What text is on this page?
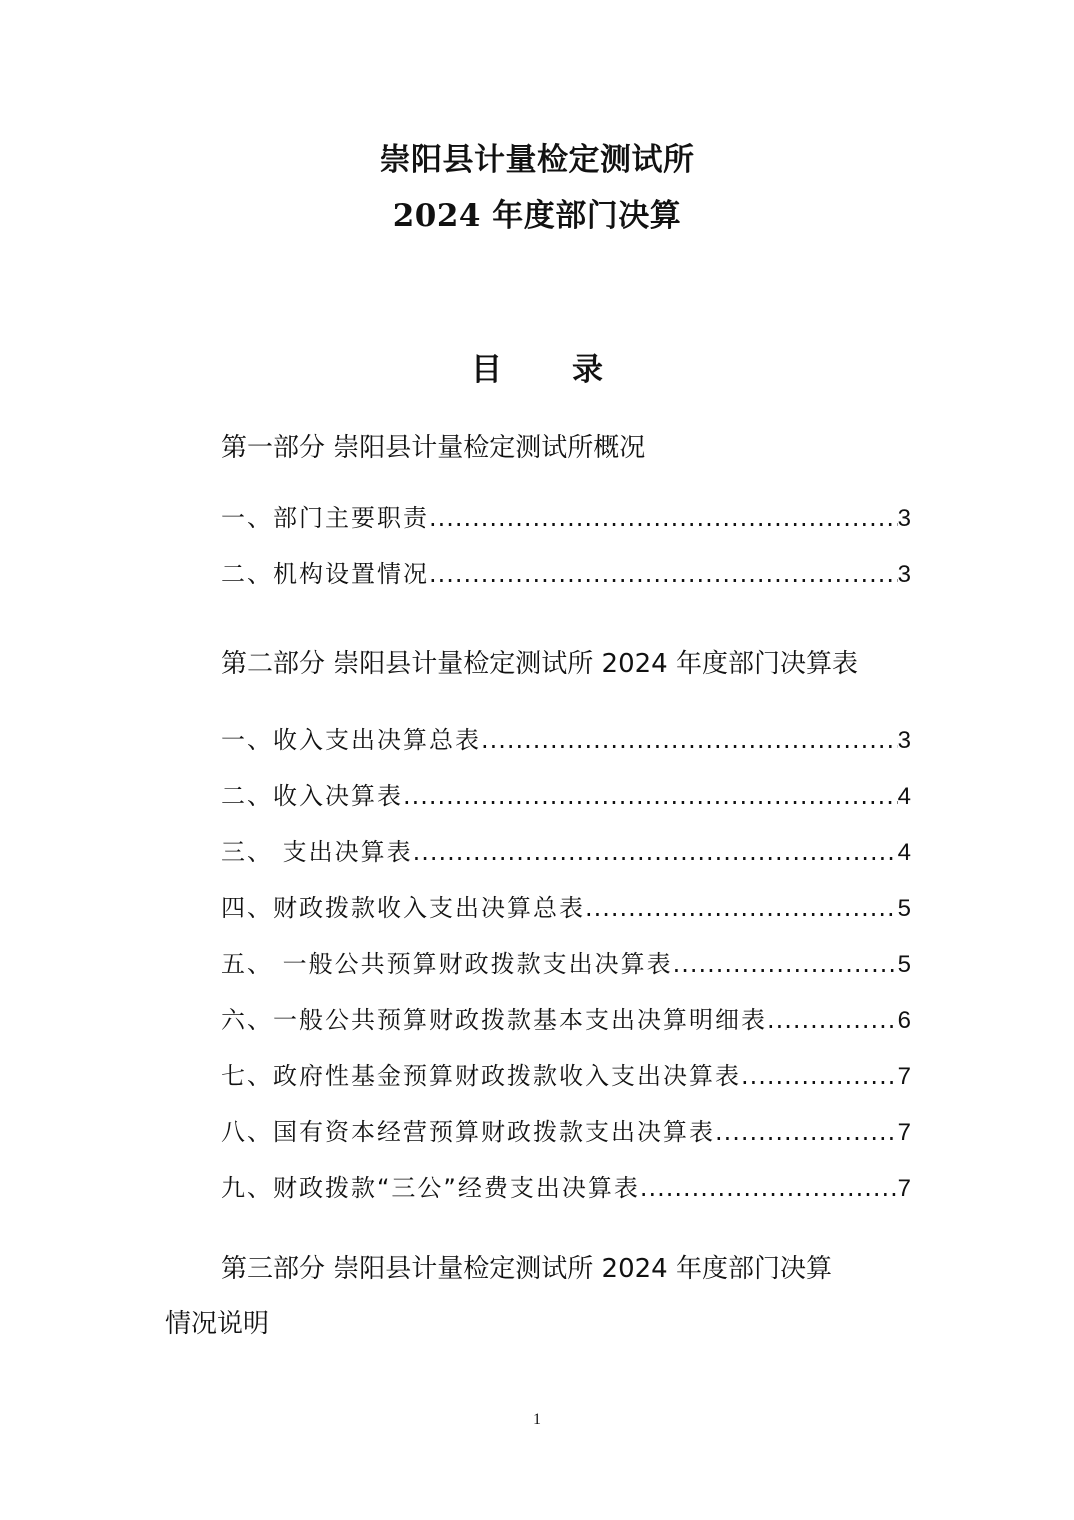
崇阳县计量检定测试所
2024 年度部门决算
目录
第一部分 崇阳县计量检定测试所概况
一、部门主要职责 .....	3
二、机构设置情况 .....	3
第二部分 崇阳县计量检定测试所 2024 年度部门决算表
一、收入支出决算总表 .....	3
二、收入决算表 .....	4
三、 支出决算表 .....	4
四、财政拨款收入支出决算总表 .....	5
五、 一般公共预算财政拨款支出决算表 .....	5
六、一般公共预算财政拨款基本支出决算明细表 .....	6
七、政府性基金预算财政拨款收入支出决算表 .....	7
八、国有资本经营预算财政拨款支出决算表 .....	7
九、财政拨款“三公”经费支出决算表 .....	7
第三部分 崇阳县计量检定测试所 2024 年度部门决算
情况说明
1
